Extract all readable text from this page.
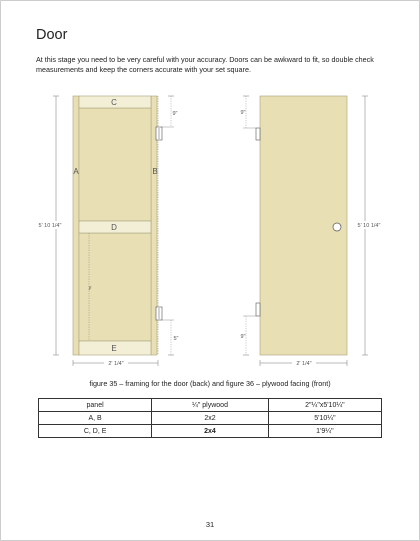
Door
At this stage you need to be very careful with your accuracy. Doors can be awkward to fit, so double check measurements and keep the corners accurate with your set square.
C
D
E
A	B
5' 10 1/4"
y
9"
5"
2' 1/4"
9"
9"
5' 10 1/4"
2' 1/4"
figure 35 – framing for the door (back) and figure 36 – plywood facing (front)
panel	¼" plywood	2"¼"x5'10¼"
A, B	2x2	5'10¼"
C, D, E	2x4	1'9¼"
31
